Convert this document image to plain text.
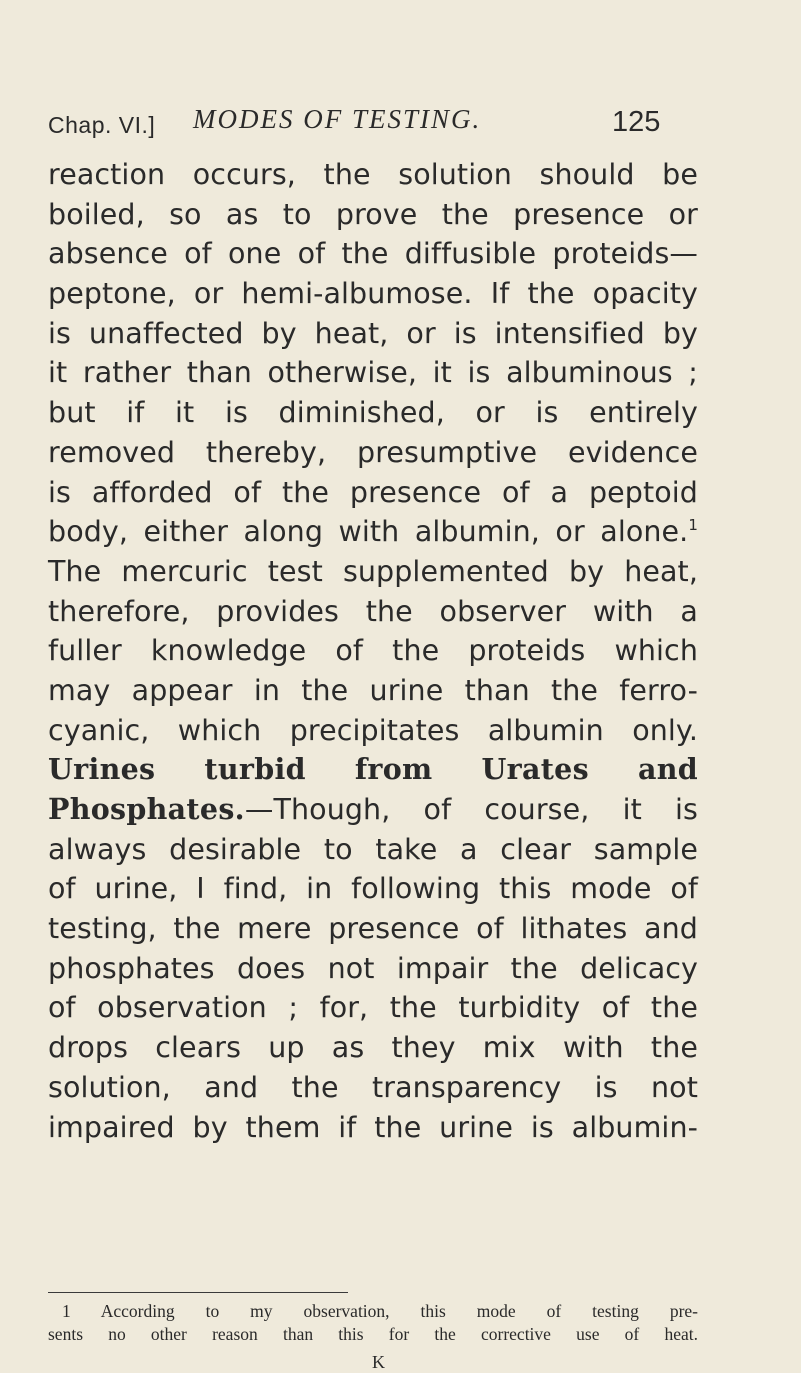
Chap. VI.] MODES OF TESTING.	125
reaction occurs, the solution should be
boiled, so as to prove the presence or
absence of one of the diffusible proteids—
peptone, or hemi-albumose. If the opacity
is unaffected by heat, or is intensified by
it rather than otherwise, it is albuminous ;
but if it is diminished, or is entirely
removed thereby, presumptive evidence
is afforded of the presence of a peptoid
body, either along with albumin, or alone.$^1$
The mercuric test supplemented by heat,
therefore, provides the observer with a
fuller knowledge of the proteids which
may appear in the urine than the ferro-
cyanic, which precipitates albumin only.
Urines turbid from Urates and
Phosphates.—Though, of course, it is
always desirable to take a clear sample
of urine, I find, in following this mode of
testing, the mere presence of lithates and
phosphates does not impair the delicacy
of observation ; for, the turbidity of the
drops clears up as they mix with the
solution, and the transparency is not
impaired by them if the urine is albumin-
1 According to my observation, this mode of testing pre-
sents no other reason than this for the corrective use of heat.
K
